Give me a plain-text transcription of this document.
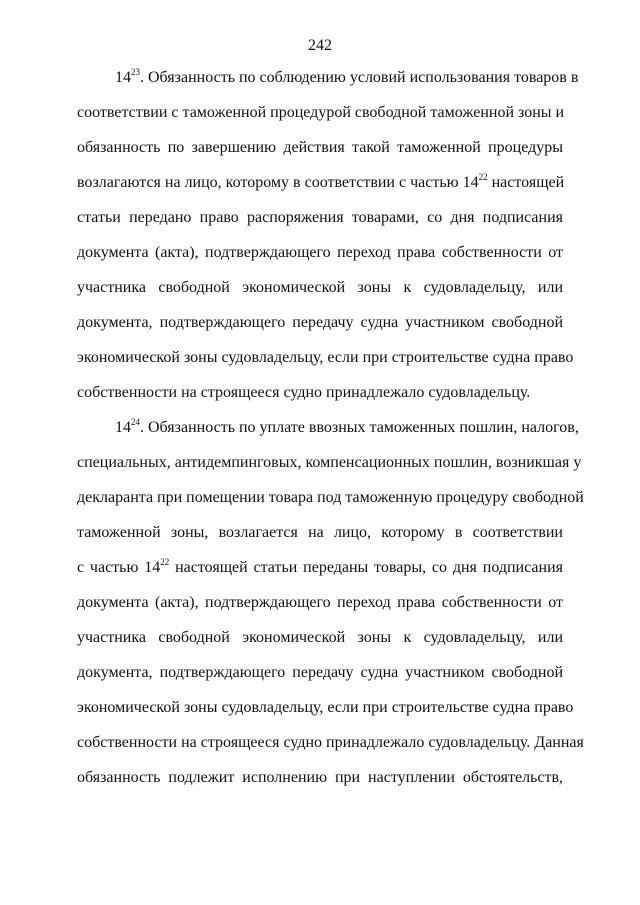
242
$14^{23}$. Обязанность по соблюдению условий использования товаров в
соответствии с таможенной процедурой свободной таможенной зоны и
обязанность по завершению действия такой таможенной процедуры
возлагаются на лицо, которому в соответствии с частью $14^{22}$ настоящей
статьи передано право распоряжения товарами, со дня подписания
документа (акта), подтверждающего переход права собственности от
участника свободной экономической зоны к судовладельцу, или
документа, подтверждающего передачу судна участником свободной
экономической зоны судовладельцу, если при строительстве судна право
собственности на строящееся судно принадлежало судовладельцу.
$14^{24}$. Обязанность по уплате ввозных таможенных пошлин, налогов,
специальных, антидемпинговых, компенсационных пошлин, возникшая у
декларанта при помещении товара под таможенную процедуру свободной
таможенной зоны, возлагается на лицо, которому в соответствии
с частью $14^{22}$ настоящей статьи переданы товары, со дня подписания
документа (акта), подтверждающего переход права собственности от
участника свободной экономической зоны к судовладельцу, или
документа, подтверждающего передачу судна участником свободной
экономической зоны судовладельцу, если при строительстве судна право
собственности на строящееся судно принадлежало судовладельцу. Данная
обязанность подлежит исполнению при наступлении обстоятельств,
